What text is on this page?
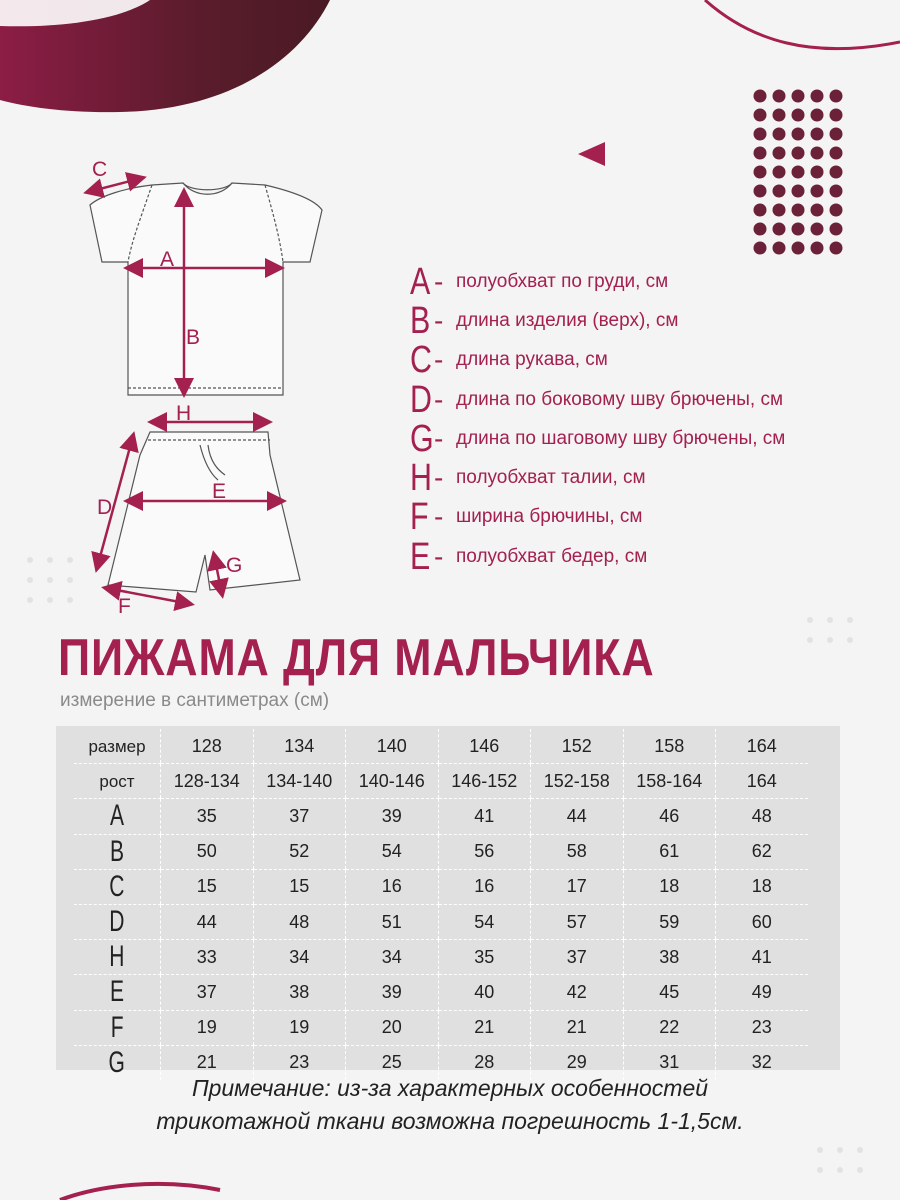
C
A
B
H
D
E
G
F
A - полуобхват по груди, см
B - длина изделия (верх), см
C - длина рукава, см
D - длина по боковому шву брючены, см
G - длина по шаговому шву брючены, см
H - полуобхват талии, см
F - ширина брючины, см
E - полуобхват бедер, см
ПИЖАМА ДЛЯ МАЛЬЧИКА
измерение в сантиметрах (см)
размер	128	134	140	146	152	158	164
рост	128-134	134-140	140-146	146-152	152-158	158-164	164
A	35	37	39	41	44	46	48
B	50	52	54	56	58	61	62
C	15	15	16	16	17	18	18
D	44	48	51	54	57	59	60
H	33	34	34	35	37	38	41
E	37	38	39	40	42	45	49
F	19	19	20	21	21	22	23
G	21	23	25	28	29	31	32
Примечание: из-за характерных особенностей
трикотажной ткани возможна погрешность 1-1,5см.
